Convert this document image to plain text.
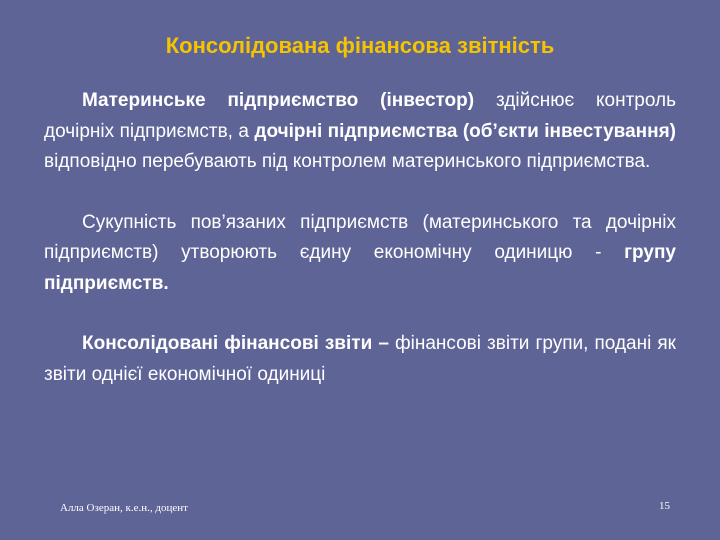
Консолідована фінансова звітність

Материнське підприємство (інвестор) здійснює контроль дочірніх підприємств, а дочірні підприємства (об’єкти інвестування) відповідно перебувають під контролем материнського підприємства.

Сукупність пов’язаних підприємств (материнського та дочірніх підприємств) утворюють єдину економічну одиницю - групу підприємств.

Консолідовані фінансові звіти – фінансові звіти групи, подані як звіти однієї економічної одиниці

Алла Озеран, к.е.н., доцент	15
